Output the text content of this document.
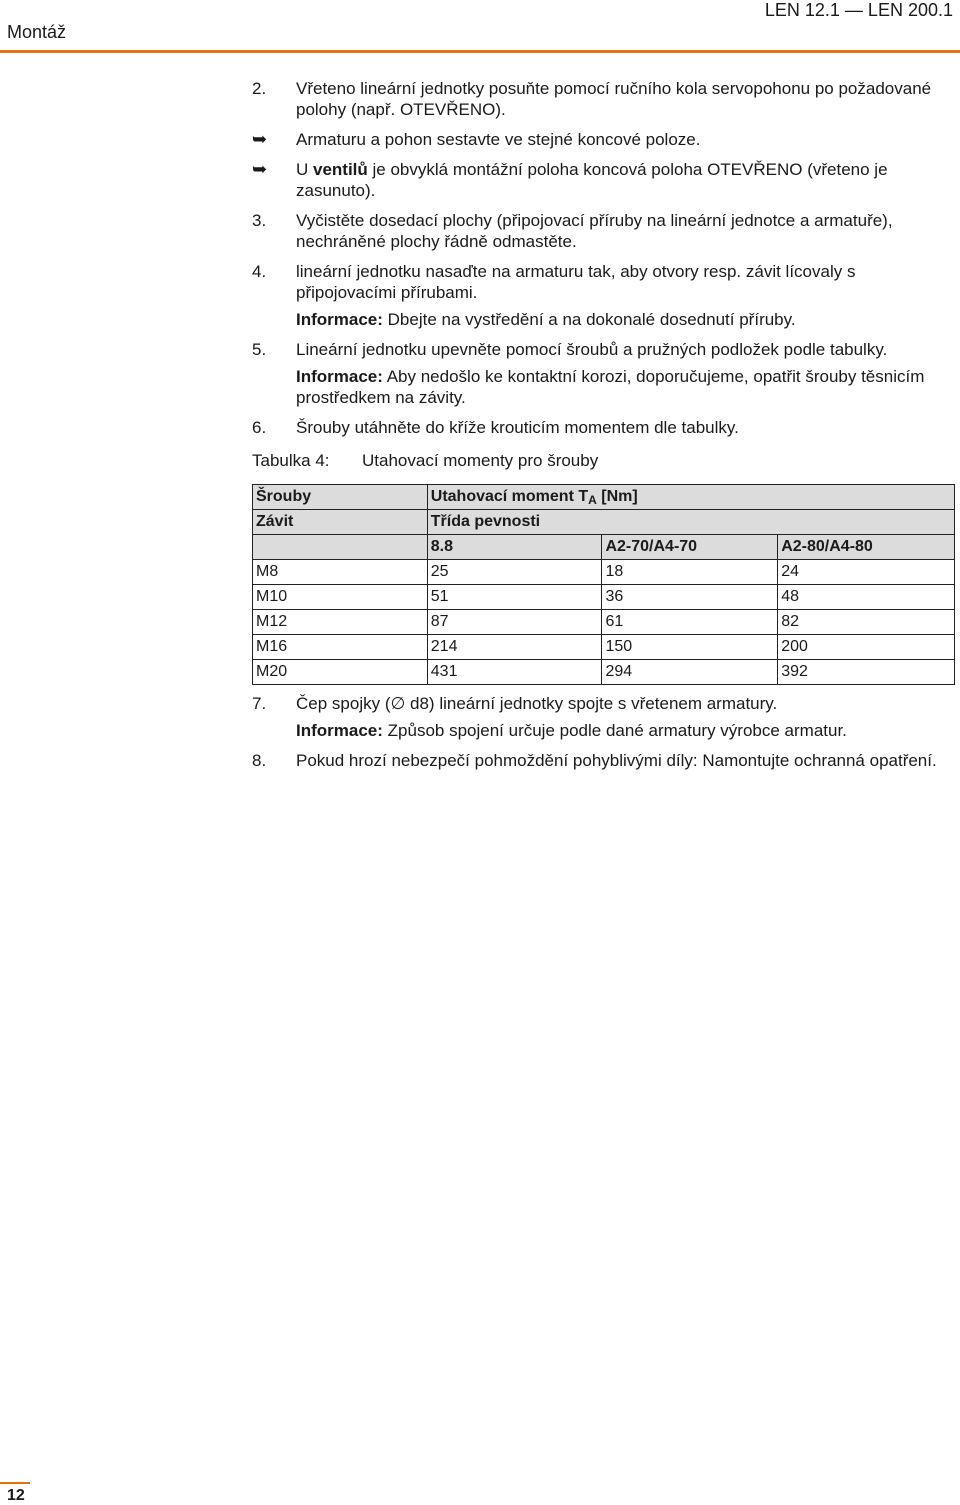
Montáž
LEN 12.1 — LEN 200.1
2. Vřeteno lineární jednotky posuňte pomocí ručního kola servopohonu po požadované polohy (např. OTEVŘENO).
➥ Armaturu a pohon sestavte ve stejné koncové poloze.
➥ U ventilů je obvyklá montážní poloha koncová poloha OTEVŘENO (vřeteno je zasunuto).
3. Vyčistěte dosedací plochy (připojovací příruby na lineární jednotce a armatuře), nechráněné plochy řádně odmastěte.
4. lineární jednotku nasaďte na armaturu tak, aby otvory resp. závit lícovaly s připojovacími přírubami.
Informace: Dbejte na vystředění a na dokonalé dosednutí příruby.
5. Lineární jednotku upevněte pomocí šroubů a pružných podložek podle tabulky.
Informace: Aby nedošlo ke kontaktní korozi, doporučujeme, opatřit šrouby těsnicím prostředkem na závity.
6. Šrouby utáhněte do kříže krouticím momentem dle tabulky.
Tabulka 4: Utahovací momenty pro šrouby
Šrouby	Utahovací moment $T_A$ [Nm]		
Závit	Třída pevnosti		
	8.8	A2-70/A4-70	A2-80/A4-80
M8	25	18	24
M10	51	36	48
M12	87	61	82
M16	214	150	200
M20	431	294	392
7. Čep spojky (∅ d8) lineární jednotky spojte s vřetenem armatury.
Informace: Způsob spojení určuje podle dané armatury výrobce armatur.
8. Pokud hrozí nebezpečí pohmoždění pohyblivými díly: Namontujte ochranná opatření.
12
